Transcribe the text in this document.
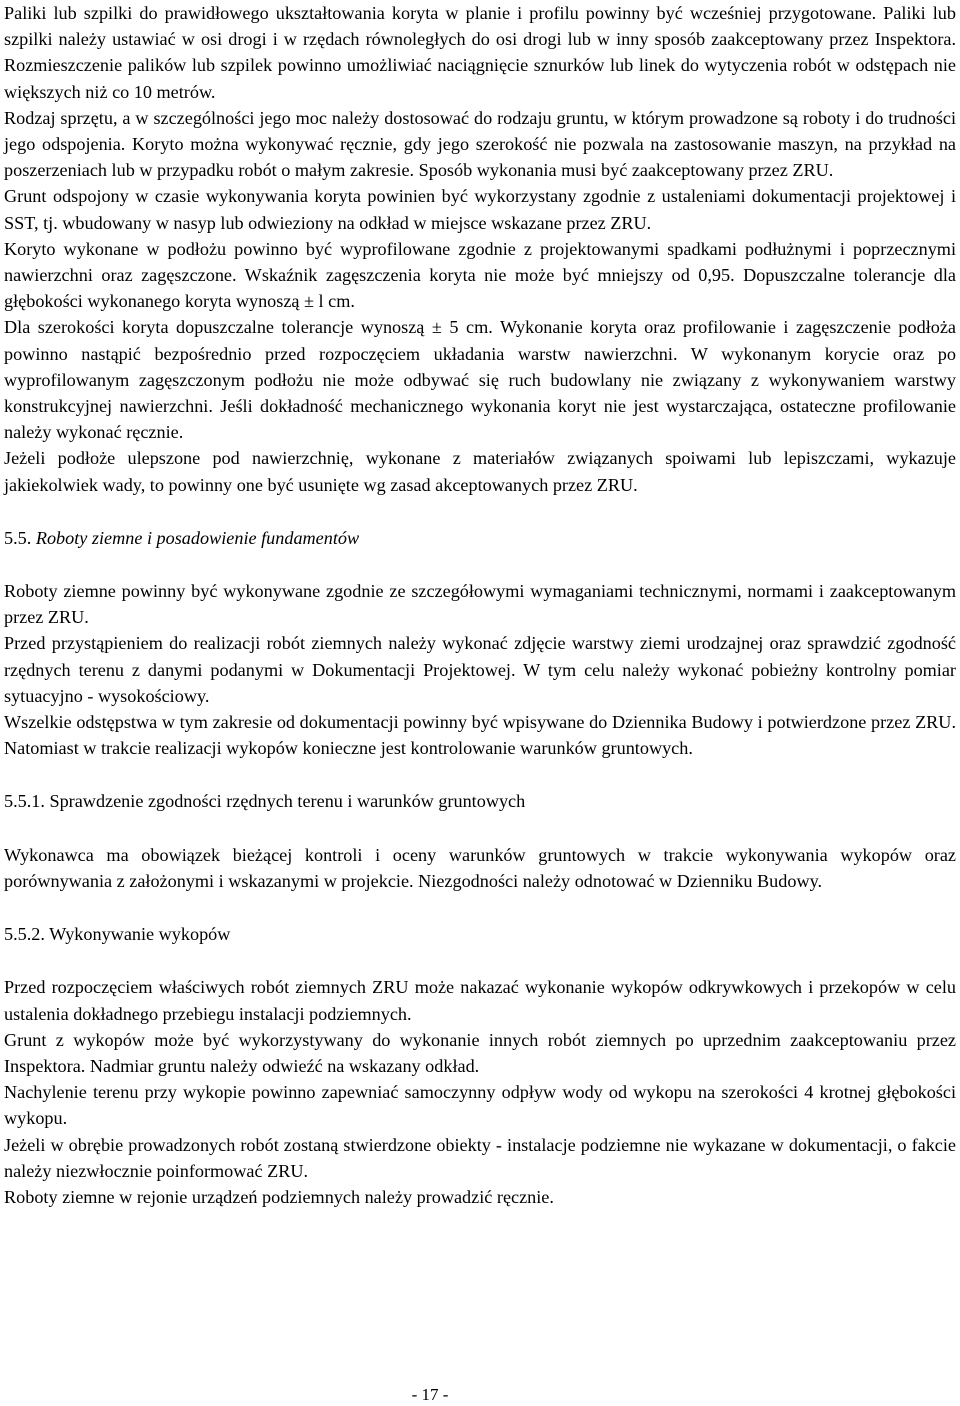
Paliki lub szpilki do prawidłowego ukształtowania koryta w planie i profilu powinny być wcześniej przygotowane. Paliki lub szpilki należy ustawiać w osi drogi i w rzędach równoległych do osi drogi lub w inny sposób zaakceptowany przez Inspektora. Rozmieszczenie palików lub szpilek powinno umożliwiać naciągnięcie sznurków lub linek do wytyczenia robót w odstępach nie większych niż co 10 metrów.

Rodzaj sprzętu, a w szczególności jego moc należy dostosować do rodzaju gruntu, w którym prowadzone są roboty i do trudności jego odspojenia. Koryto można wykonywać ręcznie, gdy jego szerokość nie pozwala na zastosowanie maszyn, na przykład na poszerzeniach lub w przypadku robót o małym zakresie. Sposób wykonania musi być zaakceptowany przez ZRU.

Grunt odspojony w czasie wykonywania koryta powinien być wykorzystany zgodnie z ustaleniami dokumentacji projektowej i SST, tj. wbudowany w nasyp lub odwieziony na odkład w miejsce wskazane przez ZRU.

Koryto wykonane w podłożu powinno być wyprofilowane zgodnie z projektowanymi spadkami podłużnymi i poprzecznymi nawierzchni oraz zagęszczone. Wskaźnik zagęszczenia koryta nie może być mniejszy od 0,95. Dopuszczalne tolerancje dla głębokości wykonanego koryta wynoszą ± l cm.

Dla szerokości koryta dopuszczalne tolerancje wynoszą ± 5 cm. Wykonanie koryta oraz profilowanie i zagęszczenie podłoża powinno nastąpić bezpośrednio przed rozpoczęciem układania warstw nawierzchni. W wykonanym korycie oraz po wyprofilowanym zagęszczonym podłożu nie może odbywać się ruch budowlany nie związany z wykonywaniem warstwy konstrukcyjnej nawierzchni. Jeśli dokładność mechanicznego wykonania koryt nie jest wystarczająca, ostateczne profilowanie należy wykonać ręcznie.

Jeżeli podłoże ulepszone pod nawierzchnię, wykonane z materiałów związanych spoiwami lub lepiszczami, wykazuje jakiekolwiek wady, to powinny one być usunięte wg zasad akceptowanych przez ZRU.

5.5. Roboty ziemne i posadowienie fundamentów

Roboty ziemne powinny być wykonywane zgodnie ze szczegółowymi wymaganiami technicznymi, normami i zaakceptowanym przez ZRU.

Przed przystąpieniem do realizacji robót ziemnych należy wykonać zdjęcie warstwy ziemi urodzajnej oraz sprawdzić zgodność rzędnych terenu z danymi podanymi w Dokumentacji Projektowej. W tym celu należy wykonać pobieżny kontrolny pomiar sytuacyjno - wysokościowy.

Wszelkie odstępstwa w tym zakresie od dokumentacji powinny być wpisywane do Dziennika Budowy i potwierdzone przez ZRU. Natomiast w trakcie realizacji wykopów konieczne jest kontrolowanie warunków gruntowych.

5.5.1. Sprawdzenie zgodności rzędnych terenu i warunków gruntowych

Wykonawca ma obowiązek bieżącej kontroli i oceny warunków gruntowych w trakcie wykonywania wykopów oraz porównywania z założonymi i wskazanymi w projekcie. Niezgodności należy odnotować w Dzienniku Budowy.

5.5.2. Wykonywanie wykopów

Przed rozpoczęciem właściwych robót ziemnych ZRU może nakazać wykonanie wykopów odkrywkowych i przekopów w celu ustalenia dokładnego przebiegu instalacji podziemnych.

Grunt z wykopów może być wykorzystywany do wykonanie innych robót ziemnych po uprzednim zaakceptowaniu przez Inspektora. Nadmiar gruntu należy odwieźć na wskazany odkład.

Nachylenie terenu przy wykopie powinno zapewniać samoczynny odpływ wody od wykopu na szerokości 4 krotnej głębokości wykopu.

Jeżeli w obrębie prowadzonych robót zostaną stwierdzone obiekty - instalacje podziemne nie wykazane w dokumentacji, o fakcie należy niezwłocznie poinformować ZRU.

Roboty ziemne w rejonie urządzeń podziemnych należy prowadzić ręcznie.

- 17 -
